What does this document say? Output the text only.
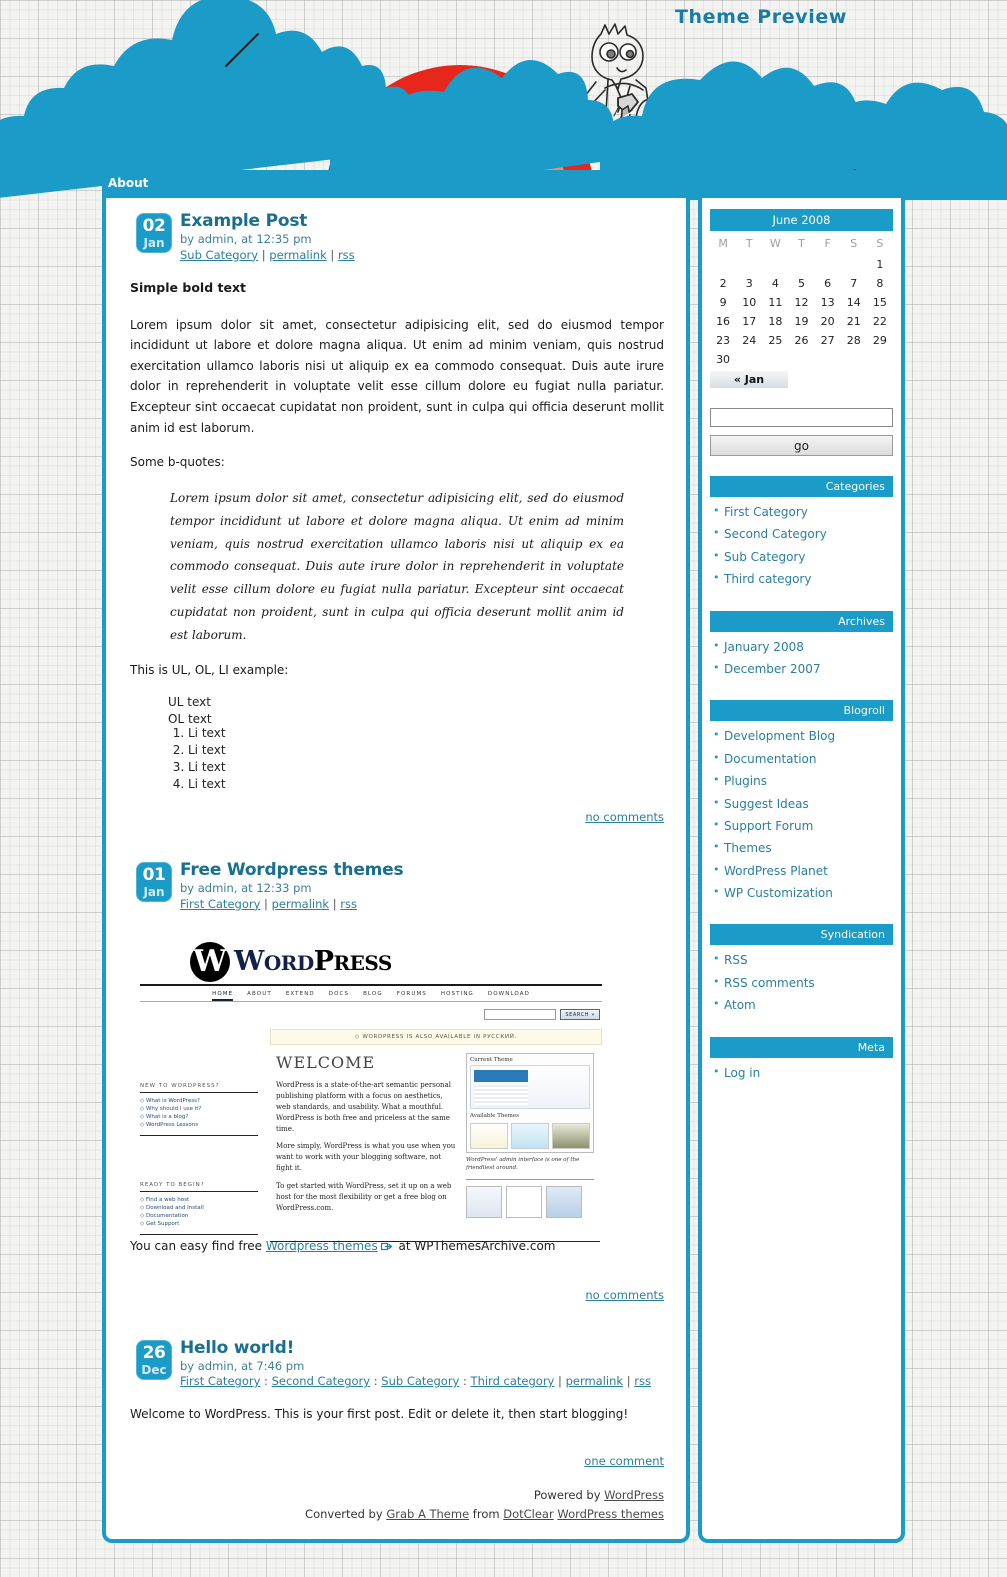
Theme Preview
About
02
Jan
Example Post
by admin, at 12:35 pm
Sub Category | permalink | rss

Simple bold text

Lorem ipsum dolor sit amet, consectetur adipisicing elit, sed do eiusmod tempor incididunt ut labore et dolore magna aliqua. Ut enim ad minim veniam, quis nostrud exercitation ullamco laboris nisi ut aliquip ex ea commodo consequat. Duis aute irure dolor in reprehenderit in voluptate velit esse cillum dolore eu fugiat nulla pariatur. Excepteur sint occaecat cupidatat non proident, sunt in culpa qui officia deserunt mollit anim id est laborum.

Some b-quotes:

Lorem ipsum dolor sit amet, consectetur adipisicing elit, sed do eiusmod tempor incididunt ut labore et dolore magna aliqua. Ut enim ad minim veniam, quis nostrud exercitation ullamco laboris nisi ut aliquip ex ea commodo consequat. Duis aute irure dolor in reprehenderit in voluptate velit esse cillum dolore eu fugiat nulla pariatur. Excepteur sint occaecat cupidatat non proident, sunt in culpa qui officia deserunt mollit anim id est laborum.

This is UL, OL, LI example:

UL text
OL text
1. Li text
2. Li text
3. Li text
4. Li text
no comments
01
Jan
Free Wordpress themes
by admin, at 12:33 pm
First Category | permalink | rss
W WORDPRESS
HOME	ABOUT	EXTEND	DOCS	BLOG	FORUMS	HOSTING	DOWNLOAD
SEARCH »
◇ WORDPRESS IS ALSO AVAILABLE IN РУССКИЙ.
NEW TO WORDPRESS?
◇ What is WordPress?
◇ Why should I use it?
◇ What is a blog?
◇ WordPress Lessons
READY TO BEGIN?
◇ Find a web host
◇ Download and Install
◇ Documentation
◇ Get Support
WELCOME
WordPress is a state-of-the-art semantic personal publishing platform with a focus on aesthetics, web standards, and usability. What a mouthful. WordPress is both free and priceless at the same time.
More simply, WordPress is what you use when you want to work with your blogging software, not fight it.
To get started with WordPress, set it up on a web host for the most flexibility or get a free blog on WordPress.com.
Current Theme
Available Themes
WordPress' admin interface is one of the friendliest around.

You can easy find free Wordpress themes at WPThemesArchive.com

no comments
26
Dec
Hello world!
by admin, at 7:46 pm
First Category : Second Category : Sub Category : Third category | permalink | rss

Welcome to WordPress. This is your first post. Edit or delete it, then start blogging!

one comment
Powered by WordPress
Converted by Grab A Theme from DotClear WordPress themes
June 2008
M	T	W	T	F	S	S
						1
2	3	4	5	6	7	8
9	10	11	12	13	14	15
16	17	18	19	20	21	22
23	24	25	26	27	28	29
30						
« Jan
go
Categories
• First Category
• Second Category
• Sub Category
• Third category
Archives
• January 2008
• December 2007
Blogroll
• Development Blog
• Documentation
• Plugins
• Suggest Ideas
• Support Forum
• Themes
• WordPress Planet
• WP Customization
Syndication
• RSS
• RSS comments
• Atom
Meta
• Log in
